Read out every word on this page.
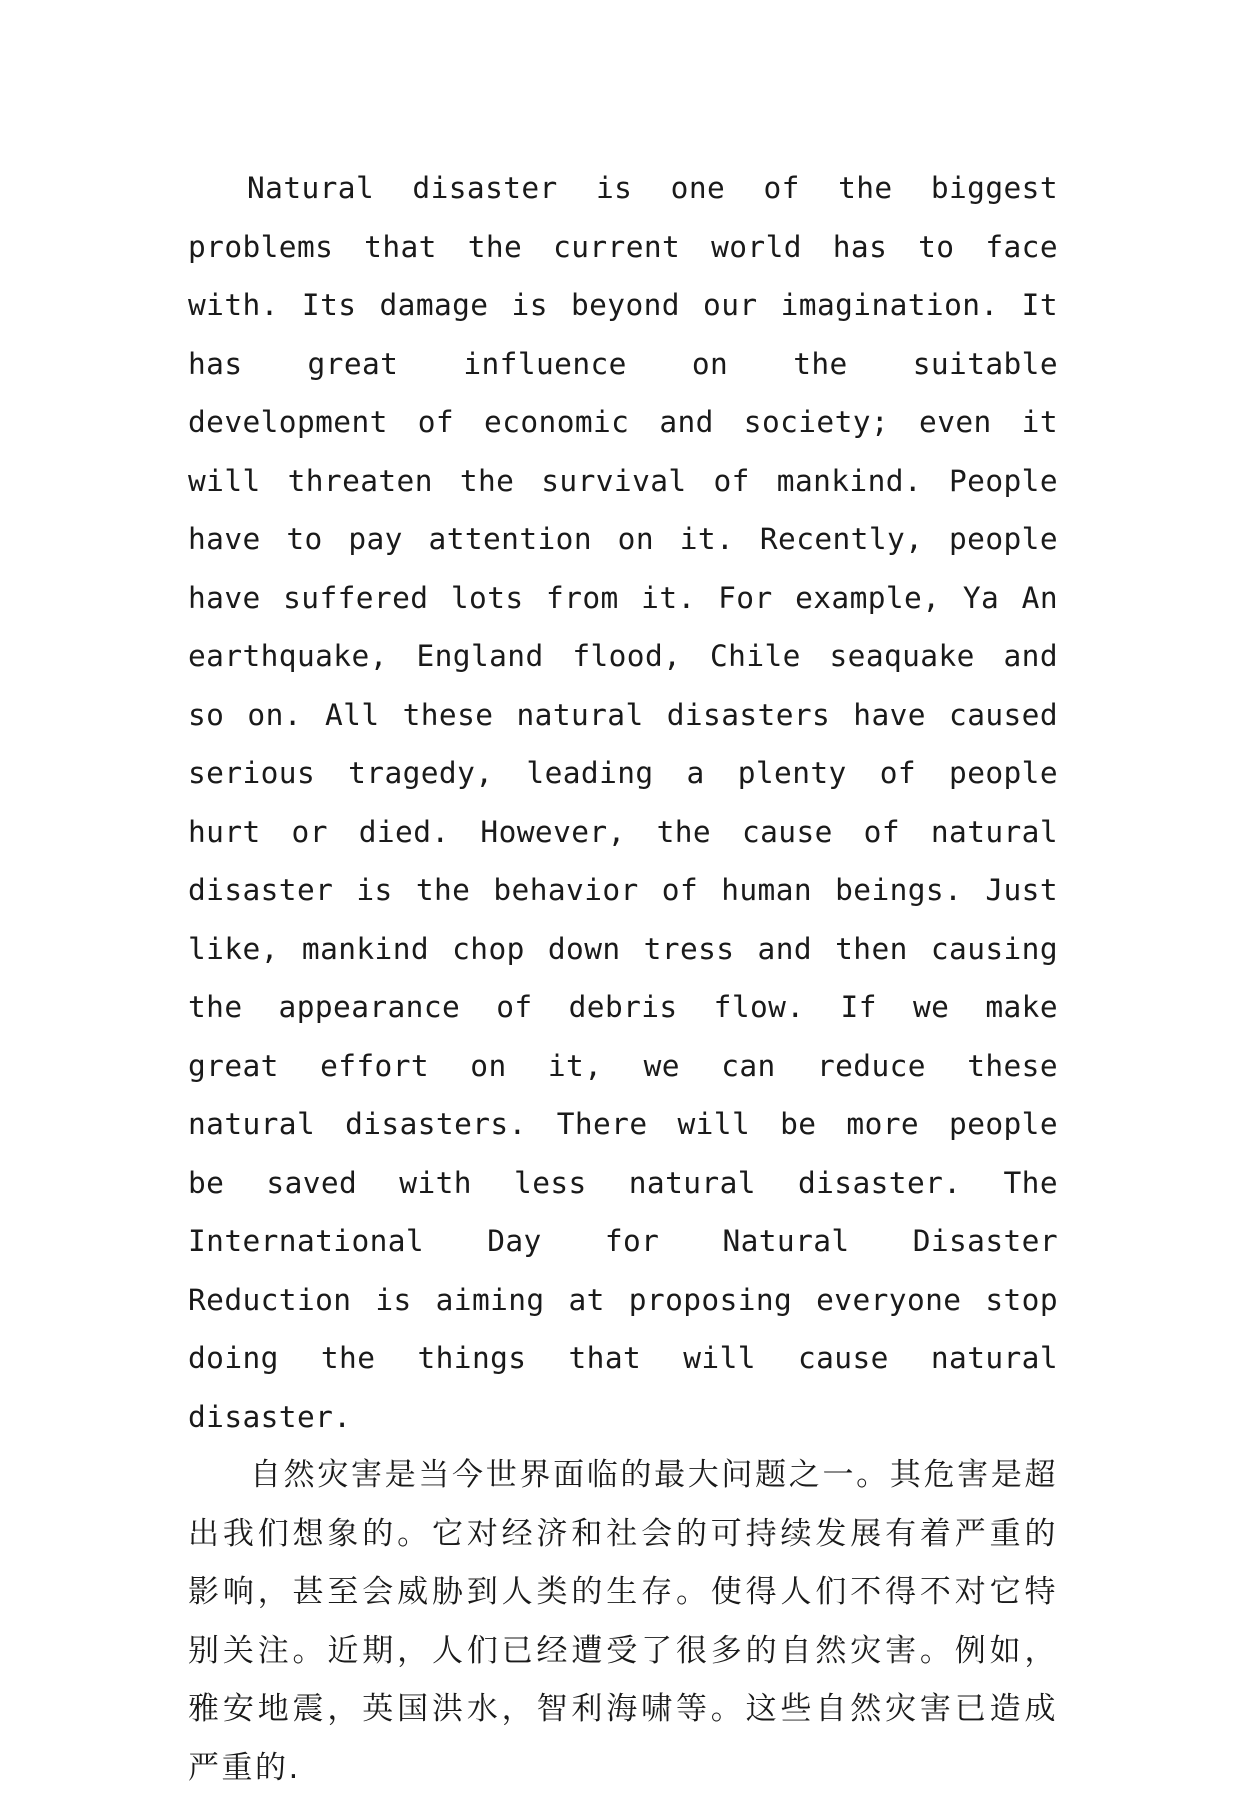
Natural disaster is one of the biggest problems that the current world has to face with. Its damage is beyond our imagination. It has great influence on the suitable development of economic and society; even it will threaten the survival of mankind. People have to pay attention on it. Recently, people have suffered lots from it. For example, Ya An earthquake, England flood, Chile seaquake and so on. All these natural disasters have caused serious tragedy, leading a plenty of people hurt or died. However, the cause of natural disaster is the behavior of human beings. Just like, mankind chop down tress and then causing the appearance of debris flow. If we make great effort on it, we can reduce these natural disasters. There will be more people be saved with less natural disaster. The International Day for Natural Disaster Reduction is aiming at proposing everyone stop doing the things that will cause natural disaster.

自然灾害是当今世界面临的最大问题之一。其危害是超出我们想象的。它对经济和社会的可持续发展有着严重的影响，甚至会威胁到人类的生存。使得人们不得不对它特别关注。近期，人们已经遭受了很多的自然灾害。例如，雅安地震，英国洪水，智利海啸等。这些自然灾害已造成严重的.
